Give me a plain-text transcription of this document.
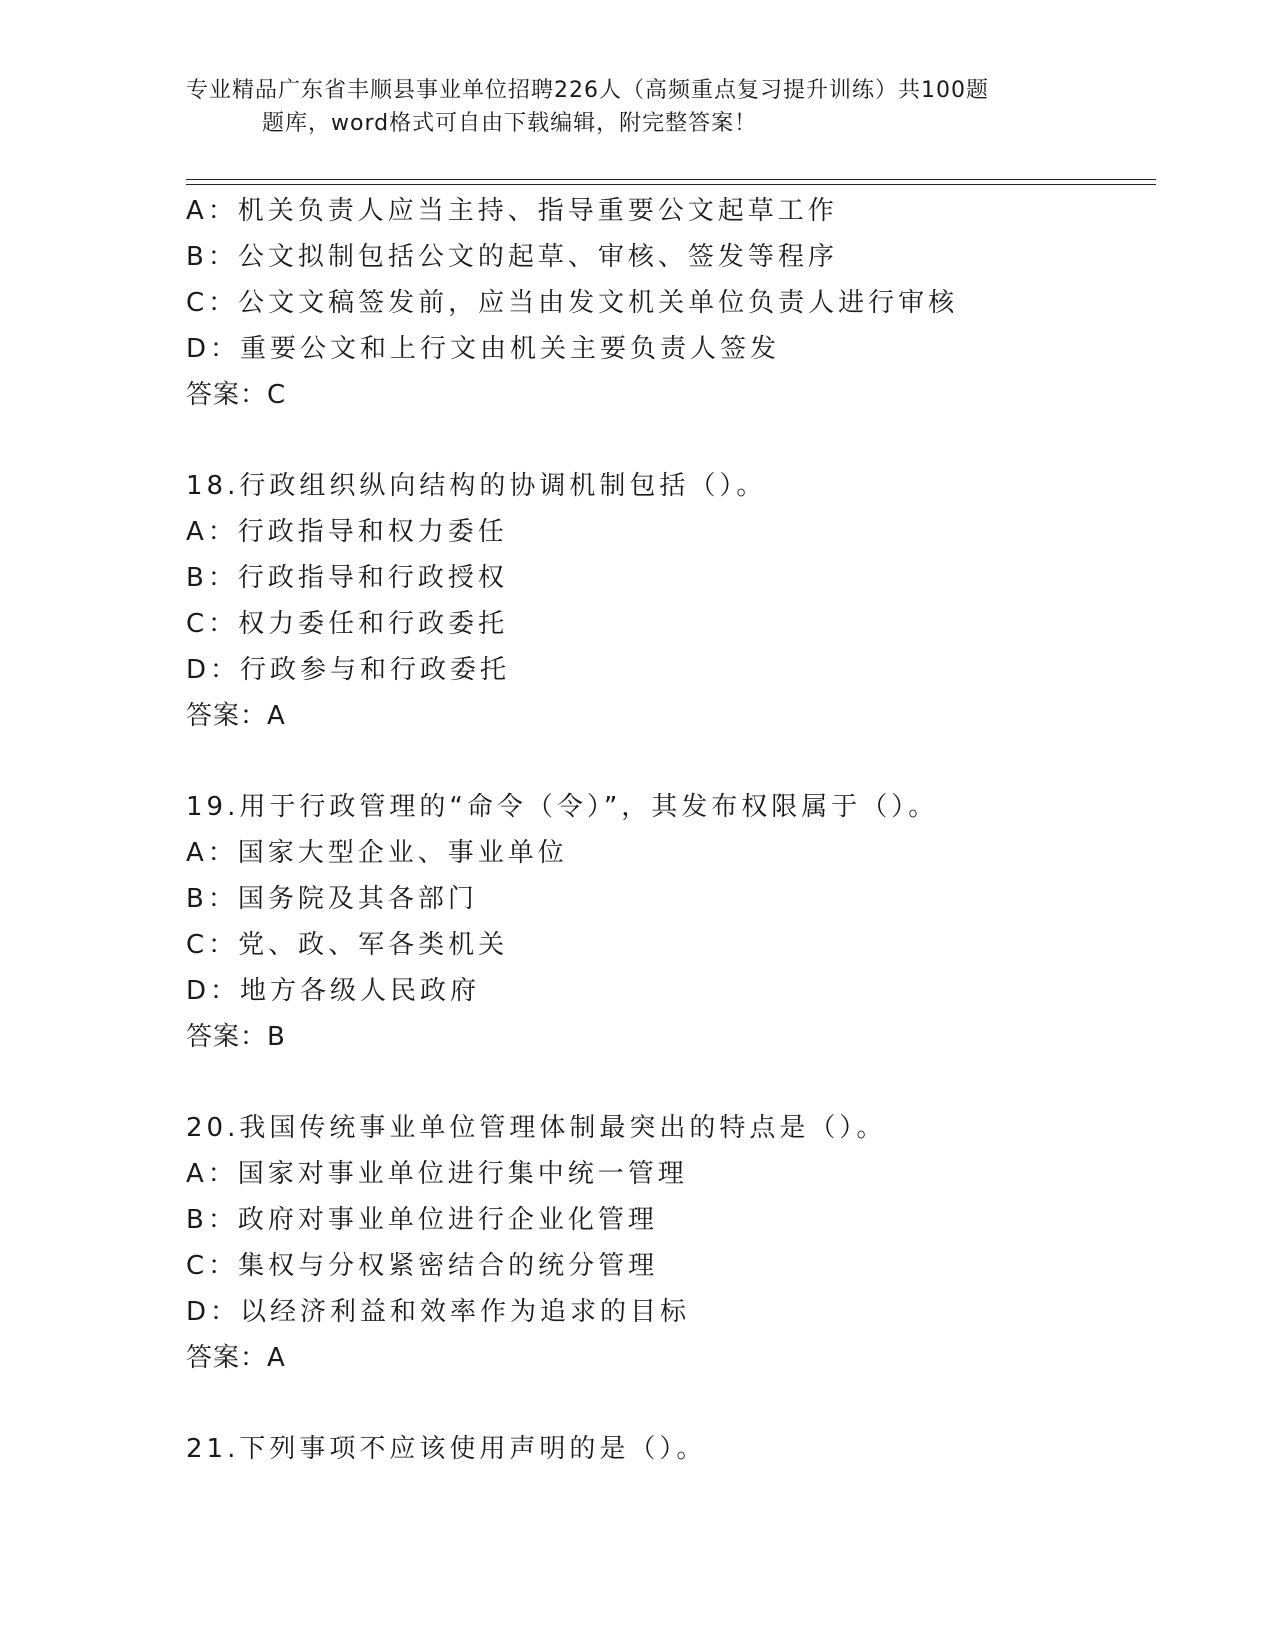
专业精品广东省丰顺县事业单位招聘226人（高频重点复习提升训练）共100题
题库，word格式可自由下载编辑，附完整答案！
A：机关负责人应当主持、指导重要公文起草工作
B：公文拟制包括公文的起草、审核、签发等程序
C：公文文稿签发前，应当由发文机关单位负责人进行审核
D：重要公文和上行文由机关主要负责人签发
答案：C
18.行政组织纵向结构的协调机制包括（）。
A：行政指导和权力委任
B：行政指导和行政授权
C：权力委任和行政委托
D：行政参与和行政委托
答案：A
19.用于行政管理的“命令（令）”，其发布权限属于（）。
A：国家大型企业、事业单位
B：国务院及其各部门
C：党、政、军各类机关
D：地方各级人民政府
答案：B
20.我国传统事业单位管理体制最突出的特点是（）。
A：国家对事业单位进行集中统一管理
B：政府对事业单位进行企业化管理
C：集权与分权紧密结合的统分管理
D：以经济利益和效率作为追求的目标
答案：A
21.下列事项不应该使用声明的是（）。
